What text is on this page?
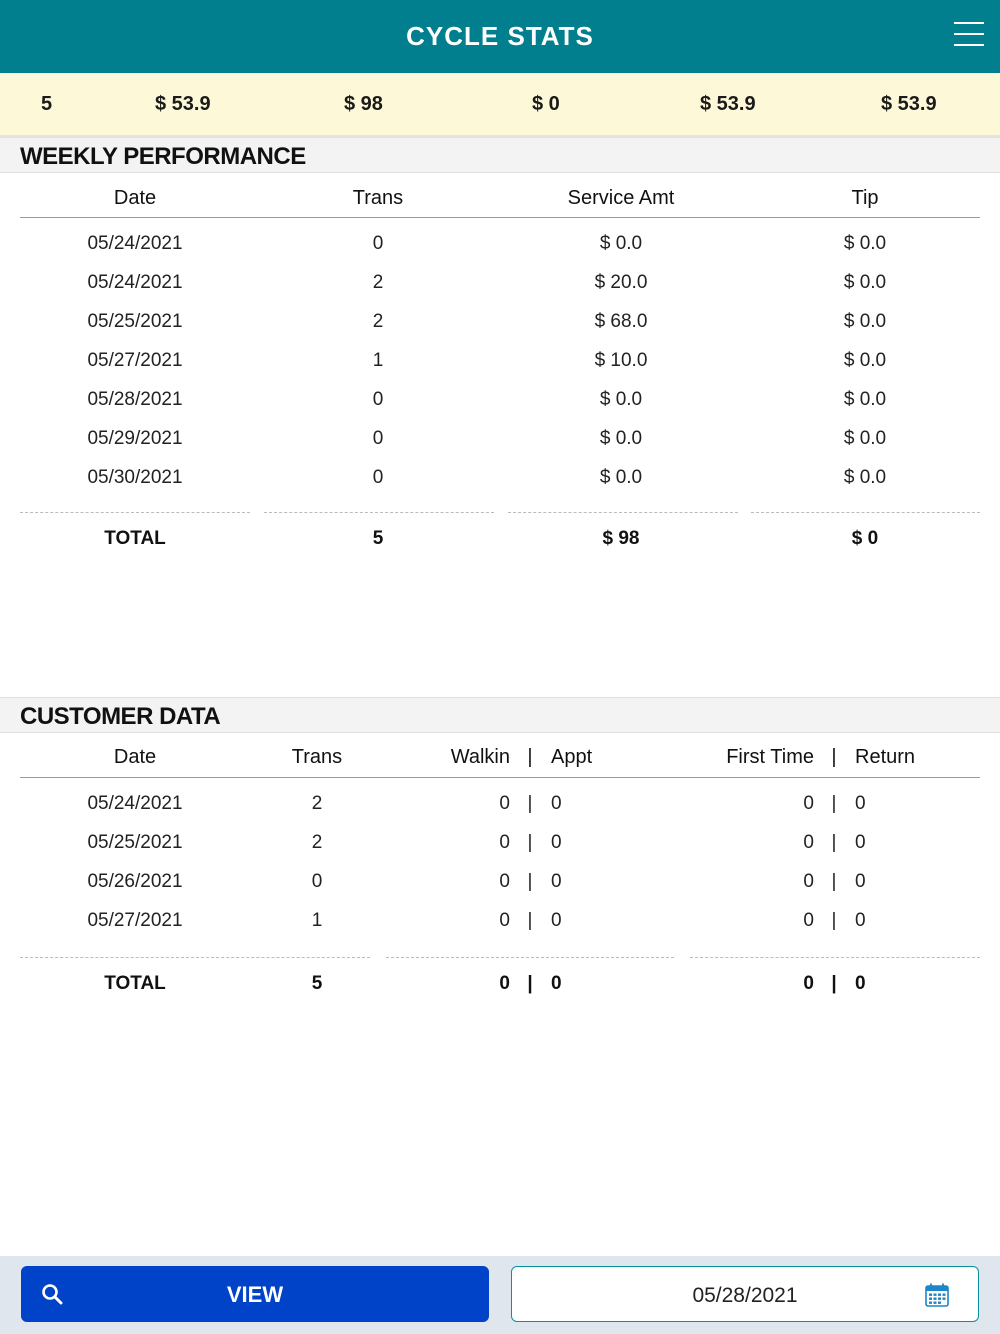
CYCLE STATS
5	$ 53.9	$ 98	$ 0	$ 53.9	$ 53.9
WEEKLY PERFORMANCE
Date	Trans	Service Amt	Tip
05/24/2021	0	$ 0.0	$ 0.0
05/24/2021	2	$ 20.0	$ 0.0
05/25/2021	2	$ 68.0	$ 0.0
05/27/2021	1	$ 10.0	$ 0.0
05/28/2021	0	$ 0.0	$ 0.0
05/29/2021	0	$ 0.0	$ 0.0
05/30/2021	0	$ 0.0	$ 0.0
TOTAL	5	$ 98	$ 0
CUSTOMER DATA
Date	Trans	Walkin | Appt	First Time | Return
05/24/2021	2	0 | 0	0 | 0
05/25/2021	2	0 | 0	0 | 0
05/26/2021	0	0 | 0	0 | 0
05/27/2021	1	0 | 0	0 | 0
TOTAL	5	0 | 0	0 | 0
VIEW	05/28/2021
